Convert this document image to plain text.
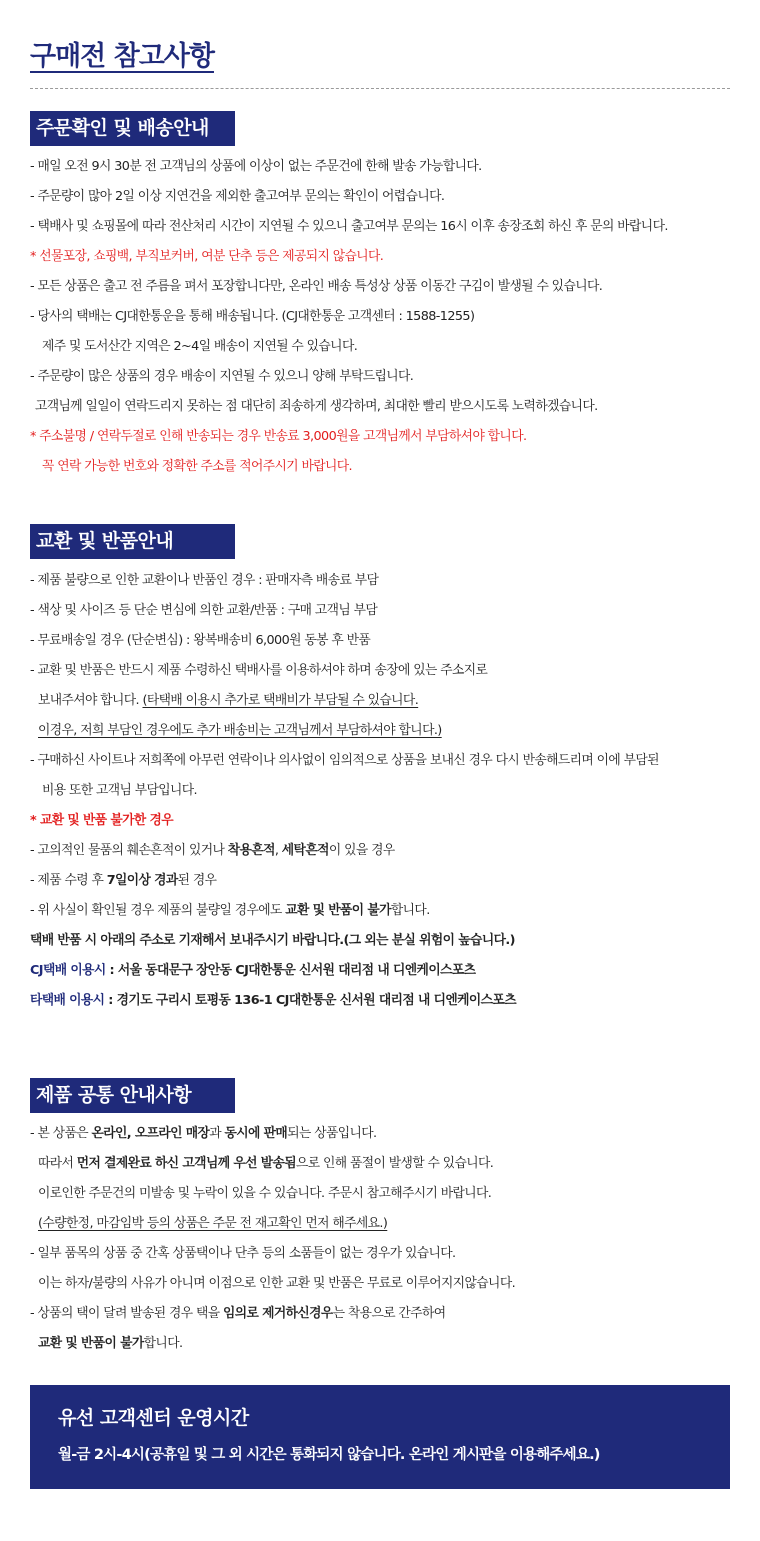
구매전 참고사항
주문확인 및 배송안내
- 매일 오전 9시 30분 전 고객님의 상품에 이상이 없는 주문건에 한해 발송 가능합니다.
- 주문량이 많아 2일 이상 지연건을 제외한 출고여부 문의는 확인이 어렵습니다.
- 택배사 및 쇼핑몰에 따라 전산처리 시간이 지연될 수 있으니 출고여부 문의는 16시 이후 송장조회 하신 후 문의 바랍니다.
* 선물포장, 쇼핑백, 부직보커버, 여분 단추 등은 제공되지 않습니다.
- 모든 상품은 출고 전 주름을 펴서 포장합니다만, 온라인 배송 특성상 상품 이동간 구김이 발생될 수 있습니다.
- 당사의 택배는 CJ대한통운을 통해 배송됩니다. (CJ대한통운 고객센터 : 1588-1255)
제주 및 도서산간 지역은 2~4일 배송이 지연될 수 있습니다.
- 주문량이 많은 상품의 경우 배송이 지연될 수 있으니 양해 부탁드립니다.
고객님께 일일이 연락드리지 못하는 점 대단히 죄송하게 생각하며, 최대한 빨리 받으시도록 노력하겠습니다.
* 주소불명 / 연락두절로 인해 반송되는 경우 반송료 3,000원을 고객님께서 부담하셔야 합니다.
꼭 연락 가능한 번호와 정확한 주소를 적어주시기 바랍니다.
교환 및 반품안내
- 제품 불량으로 인한 교환이나 반품인 경우 : 판매자측 배송료 부담
- 색상 및 사이즈 등 단순 변심에 의한 교환/반품 : 구매 고객님 부담
- 무료배송일 경우 (단순변심) : 왕복배송비 6,000원 동봉 후 반품
- 교환 및 반품은 반드시 제품 수령하신 택배사를 이용하셔야 하며 송장에 있는 주소지로
보내주셔야 합니다. (타택배 이용시 추가로 택배비가 부담될 수 있습니다.
이경우, 저희 부담인 경우에도 추가 배송비는 고객님께서 부담하셔야 합니다.)
- 구매하신 사이트나 저희쪽에 아무런 연락이나 의사없이 임의적으로 상품을 보내신 경우 다시 반송해드리며 이에 부담된
비용 또한 고객님 부담입니다.
* 교환 및 반품 불가한 경우
- 고의적인 물품의 훼손흔적이 있거나 착용흔적, 세탁흔적이 있을 경우
- 제품 수령 후 7일이상 경과된 경우
- 위 사실이 확인될 경우 제품의 불량일 경우에도 교환 및 반품이 불가합니다.
택배 반품 시 아래의 주소로 기재해서 보내주시기 바랍니다.(그 외는 분실 위험이 높습니다.)
CJ택배 이용시 : 서울 동대문구 장안동 CJ대한통운 신서원 대리점 내 디엔케이스포츠
타택배 이용시 : 경기도 구리시 토평동 136-1 CJ대한통운 신서원 대리점 내 디엔케이스포츠
제품 공통 안내사항
- 본 상품은 온라인, 오프라인 매장과 동시에 판매되는 상품입니다.
따라서 먼저 결제완료 하신 고객님께 우선 발송됨으로 인해 품절이 발생할 수 있습니다.
이로인한 주문건의 미발송 및 누락이 있을 수 있습니다. 주문시 참고해주시기 바랍니다.
(수량한정, 마감임박 등의 상품은 주문 전 재고확인 먼저 해주세요.)
- 일부 품목의 상품 중 간혹 상품택이나 단추 등의 소품들이 없는 경우가 있습니다.
이는 하자/불량의 사유가 아니며 이점으로 인한 교환 및 반품은 무료로 이루어지지않습니다.
- 상품의 택이 달려 발송된 경우 택을 임의로 제거하신경우는 착용으로 간주하여
교환 및 반품이 불가합니다.
유선 고객센터 운영시간
월-금 2시-4시(공휴일 및 그 외 시간은 통화되지 않습니다. 온라인 게시판을 이용해주세요.)
